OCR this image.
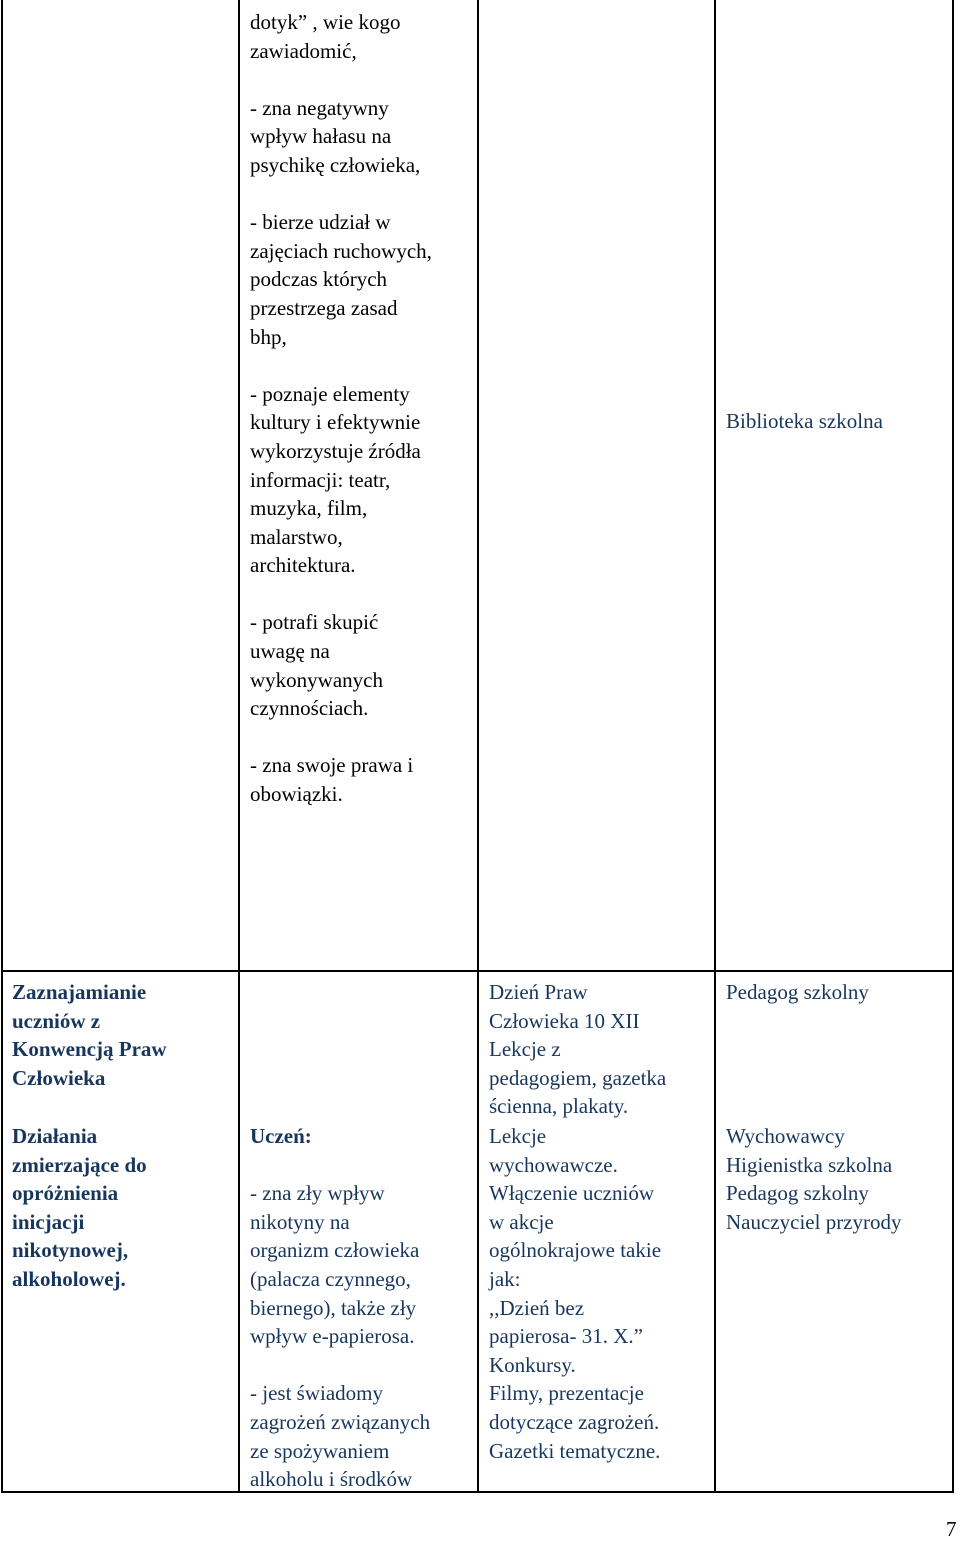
dotyk” , wie kogo
zawiadomić,

- zna negatywny
wpływ hałasu na
psychikę człowieka,

- bierze udział w
zajęciach ruchowych,
podczas których
przestrzega zasad
bhp,

- poznaje elementy
kultury i efektywnie
wykorzystuje źródła
informacji: teatr,
muzyka, film,
malarstwo,
architektura.

- potrafi skupić
uwagę na
wykonywanych
czynnościach.

- zna swoje prawa i
obowiązki.

Biblioteka szkolna

Zaznajamianie
uczniów z
Konwencją Praw
Człowieka

Dzień Praw
Człowieka 10 XII
Lekcje z
pedagogiem, gazetka
ścienna, plakaty.

Pedagog szkolny

Działania
zmierzające do
opróżnienia
inicjacji
nikotynowej,
alkoholowej.

Uczeń:

- zna zły wpływ
nikotyny na
organizm człowieka
(palacza czynnego,
biernego), także zły
wpływ e-papierosa.

- jest świadomy
zagrożeń związanych
ze spożywaniem
alkoholu i środków

Lekcje
wychowawcze.
Włączenie uczniów
w akcje
ogólnokrajowe takie
jak:
,,Dzień bez
papierosa- 31. X.”
Konkursy.
Filmy, prezentacje
dotyczące zagrożeń.
Gazetki tematyczne.

Wychowawcy
Higienistka szkolna
Pedagog szkolny
Nauczyciel przyrody

7
